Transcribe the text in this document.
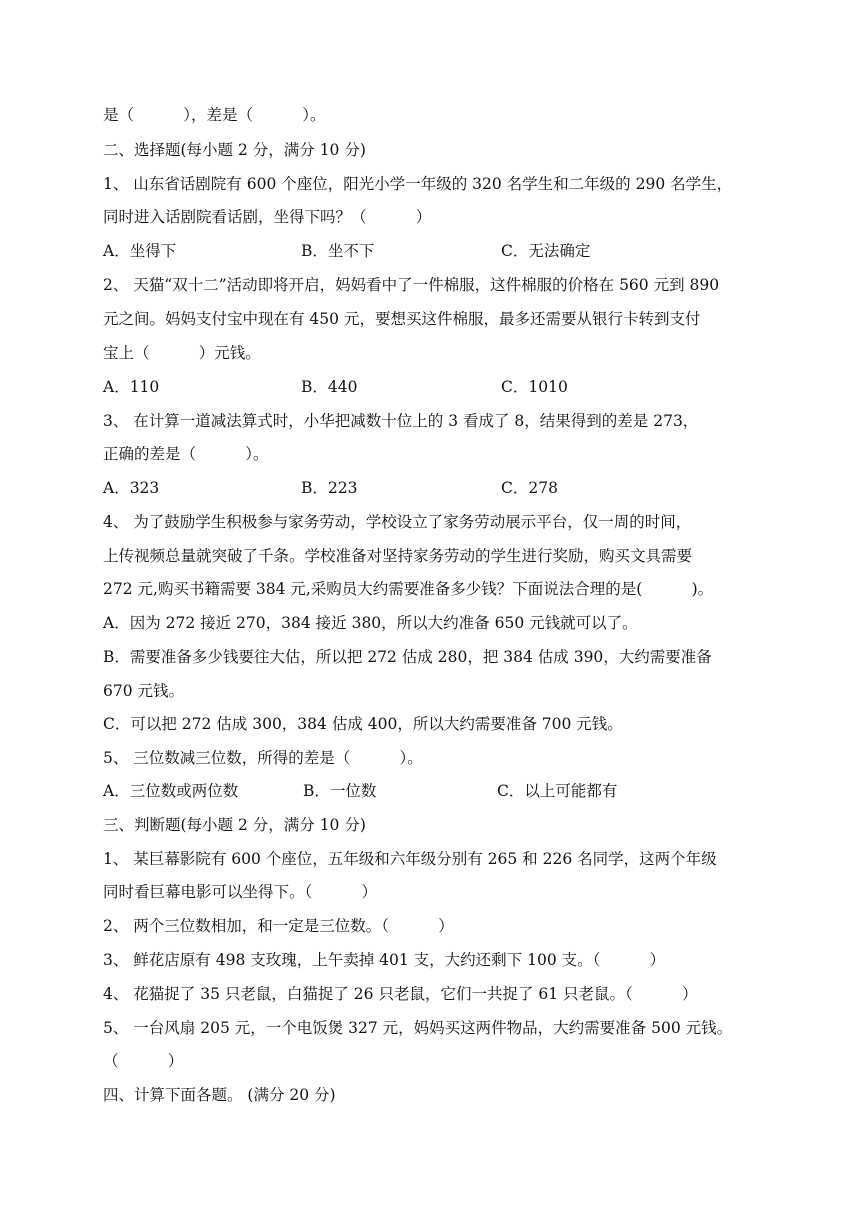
是（          ），差是（          ）。
二、选择题(每小题 2 分，满分 10 分)
1、 山东省话剧院有 600 个座位，阳光小学一年级的 320 名学生和二年级的 290 名学生，
同时进入话剧院看话剧，坐得下吗？（          ）
A．坐得下	B．坐不下	C．无法确定
2、 天猫“双十二”活动即将开启，妈妈看中了一件棉服，这件棉服的价格在 560 元到 890
元之间。妈妈支付宝中现在有 450 元，要想买这件棉服，最多还需要从银行卡转到支付
宝上（          ）元钱。
A．110	B．440	C．1010
3、 在计算一道减法算式时，小华把减数十位上的 3 看成了 8，结果得到的差是 273，
正确的差是（          ）。
A．323	B．223	C．278
4、 为了鼓励学生积极参与家务劳动，学校设立了家务劳动展示平台，仅一周的时间，
上传视频总量就突破了千条。学校准备对坚持家务劳动的学生进行奖励，购买文具需要
272 元,购买书籍需要 384 元,采购员大约需要准备多少钱？下面说法合理的是(          )。
A．因为 272 接近 270，384 接近 380，所以大约准备 650 元钱就可以了。
B．需要准备多少钱要往大估，所以把 272 估成 280，把 384 估成 390，大约需要准备
670 元钱。
C．可以把 272 估成 300，384 估成 400，所以大约需要准备 700 元钱。
5、 三位数减三位数，所得的差是（          ）。
A．三位数或两位数	B．一位数	C．以上可能都有
三、判断题(每小题 2 分，满分 10 分)
1、 某巨幕影院有 600 个座位，五年级和六年级分别有 265 和 226 名同学，这两个年级
同时看巨幕电影可以坐得下。（          ）
2、 两个三位数相加，和一定是三位数。（          ）
3、 鲜花店原有 498 支玫瑰，上午卖掉 401 支，大约还剩下 100 支。（          ）
4、 花猫捉了 35 只老鼠，白猫捉了 26 只老鼠，它们一共捉了 61 只老鼠。（          ）
5、 一台风扇 205 元，一个电饭煲 327 元，妈妈买这两件物品，大约需要准备 500 元钱。
（          ）
四、计算下面各题。 (满分 20 分)
